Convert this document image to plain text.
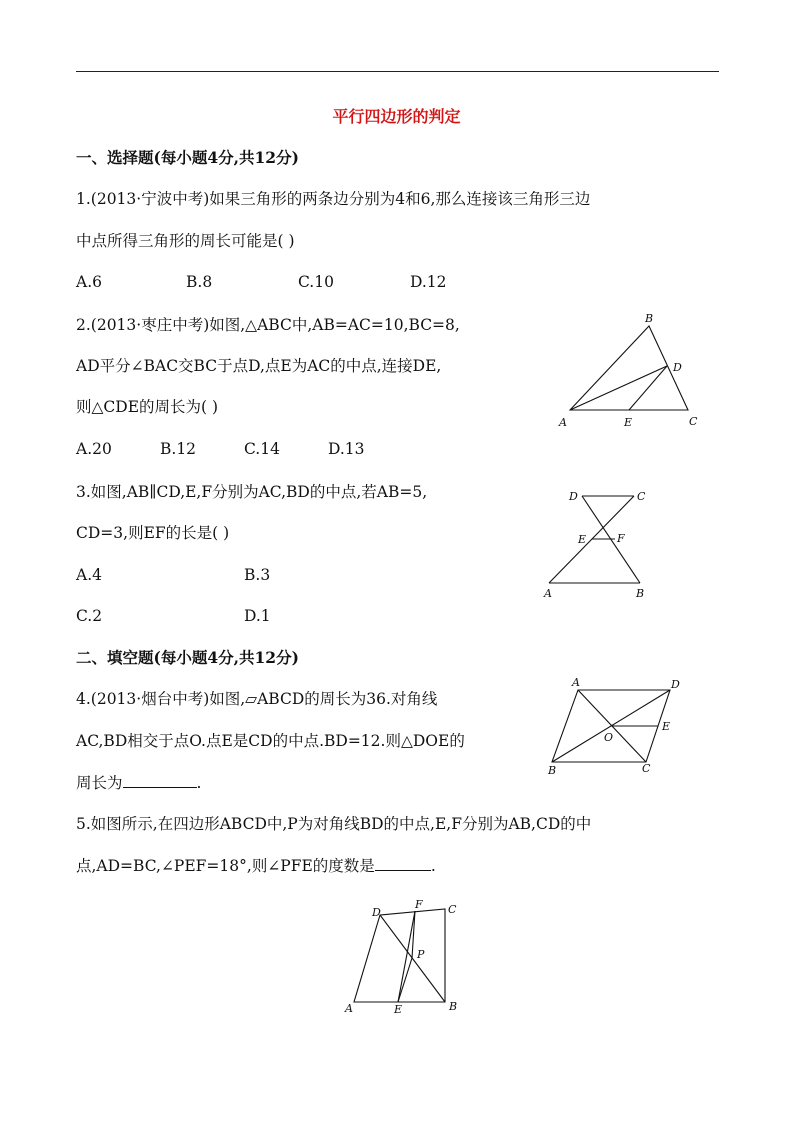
平行四边形的判定
一、选择题(每小题4分,共12分)
1.(2013·宁波中考)如果三角形的两条边分别为4和6,那么连接该三角形三边
中点所得三角形的周长可能是( )
A.6	B.8	C.10	D.12
2.(2013·枣庄中考)如图,△ABC中,AB=AC=10,BC=8,
AD平分∠BAC交BC于点D,点E为AC的中点,连接DE,
则△CDE的周长为( )
A.20	B.12	C.14	D.13
A
B
C
D
E
3.如图,AB∥CD,E,F分别为AC,BD的中点,若AB=5,
CD=3,则EF的长是( )
A.4	B.3
C.2	D.1
D	C
E	F
A	B
二、填空题(每小题4分,共12分)
4.(2013·烟台中考)如图,▱ABCD的周长为36.对角线
AC,BD相交于点O.点E是CD的中点.BD=12.则△DOE的
周长为	.
A	D
E
O
B	C
5.如图所示,在四边形ABCD中,P为对角线BD的中点,E,F分别为AB,CD的中
点,AD=BC,∠PEF=18°,则∠PFE的度数是	.
D
F C
P
A	E	B
